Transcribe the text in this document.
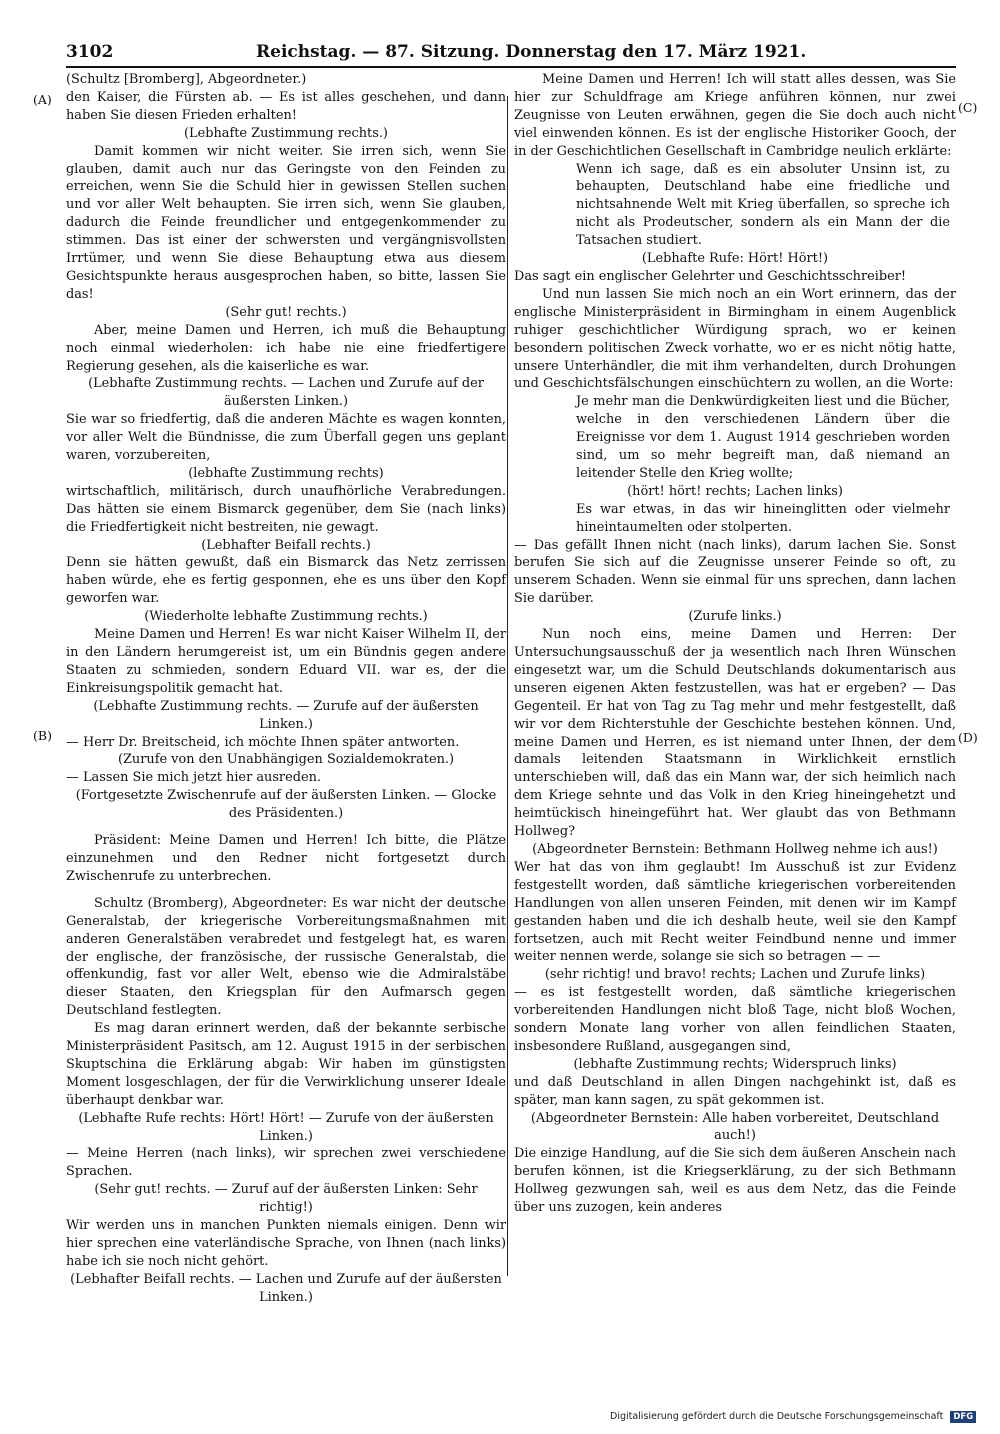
3102	Reichstag. — 87. Sitzung. Donnerstag den 17. März 1921.
(A)
(B)
(C)
(D)

(Schultz [Bromberg], Abgeordneter.)

den Kaiser, die Fürsten ab. — Es ist alles geschehen, und dann haben Sie diesen Frieden erhalten!

(Lebhafte Zustimmung rechts.)

Damit kommen wir nicht weiter. Sie irren sich, wenn Sie glauben, damit auch nur das Geringste von den Feinden zu erreichen, wenn Sie die Schuld hier in gewissen Stellen suchen und vor aller Welt behaupten. Sie irren sich, wenn Sie glauben, dadurch die Feinde freundlicher und entgegenkommender zu stimmen. Das ist einer der schwersten und vergängnisvollsten Irrtümer, und wenn Sie diese Behauptung etwa aus diesem Gesichtspunkte heraus ausgesprochen haben, so bitte, lassen Sie das!

(Sehr gut! rechts.)

Aber, meine Damen und Herren, ich muß die Behauptung noch einmal wiederholen: ich habe nie eine friedfertigere Regierung gesehen, als die kaiserliche es war.

(Lebhafte Zustimmung rechts. — Lachen und Zurufe auf der äußersten Linken.)

Sie war so friedfertig, daß die anderen Mächte es wagen konnten, vor aller Welt die Bündnisse, die zum Überfall gegen uns geplant waren, vorzubereiten,

(lebhafte Zustimmung rechts)

wirtschaftlich, militärisch, durch unaufhörliche Verabredungen. Das hätten sie einem Bismarck gegenüber, dem Sie (nach links) die Friedfertigkeit nicht bestreiten, nie gewagt.

(Lebhafter Beifall rechts.)

Denn sie hätten gewußt, daß ein Bismarck das Netz zerrissen haben würde, ehe es fertig gesponnen, ehe es uns über den Kopf geworfen war.

(Wiederholte lebhafte Zustimmung rechts.)

Meine Damen und Herren! Es war nicht Kaiser Wilhelm II, der in den Ländern herumgereist ist, um ein Bündnis gegen andere Staaten zu schmieden, sondern Eduard VII. war es, der die Einkreisungspolitik gemacht hat.

(Lebhafte Zustimmung rechts. — Zurufe auf der äußersten Linken.)

— Herr Dr. Breitscheid, ich möchte Ihnen später antworten.

(Zurufe von den Unabhängigen Sozialdemokraten.)

— Lassen Sie mich jetzt hier ausreden.

(Fortgesetzte Zwischenrufe auf der äußersten Linken. — Glocke des Präsidenten.)

Präsident: Meine Damen und Herren! Ich bitte, die Plätze einzunehmen und den Redner nicht fortgesetzt durch Zwischenrufe zu unterbrechen.

Schultz (Bromberg), Abgeordneter: Es war nicht der deutsche Generalstab, der kriegerische Vorbereitungsmaßnahmen mit anderen Generalstäben verabredet und festgelegt hat, es waren der englische, der französische, der russische Generalstab, die offenkundig, fast vor aller Welt, ebenso wie die Admiralstäbe dieser Staaten, den Kriegsplan für den Aufmarsch gegen Deutschland festlegten.

Es mag daran erinnert werden, daß der bekannte serbische Ministerpräsident Pasitsch, am 12. August 1915 in der serbischen Skuptschina die Erklärung abgab: Wir haben im günstigsten Moment losgeschlagen, der für die Verwirklichung unserer Ideale überhaupt denkbar war.

(Lebhafte Rufe rechts: Hört! Hört! — Zurufe von der äußersten Linken.)

— Meine Herren (nach links), wir sprechen zwei verschiedene Sprachen.

(Sehr gut! rechts. — Zuruf auf der äußersten Linken: Sehr richtig!)

Wir werden uns in manchen Punkten niemals einigen. Denn wir hier sprechen eine vaterländische Sprache, von Ihnen (nach links) habe ich sie noch nicht gehört.

(Lebhafter Beifall rechts. — Lachen und Zurufe auf der äußersten Linken.)

Meine Damen und Herren! Ich will statt alles dessen, was Sie hier zur Schuldfrage am Kriege anführen können, nur zwei Zeugnisse von Leuten erwähnen, gegen die Sie doch auch nicht viel einwenden können. Es ist der englische Historiker Gooch, der in der Geschichtlichen Gesellschaft in Cambridge neulich erklärte:

Wenn ich sage, daß es ein absoluter Unsinn ist, zu behaupten, Deutschland habe eine friedliche und nichtsahnende Welt mit Krieg überfallen, so spreche ich nicht als Prodeutscher, sondern als ein Mann der die Tatsachen studiert.

(Lebhafte Rufe: Hört! Hört!)

Das sagt ein englischer Gelehrter und Geschichtsschreiber!

Und nun lassen Sie mich noch an ein Wort erinnern, das der englische Ministerpräsident in Birmingham in einem Augenblick ruhiger geschichtlicher Würdigung sprach, wo er keinen besondern politischen Zweck vorhatte, wo er es nicht nötig hatte, unsere Unterhändler, die mit ihm verhandelten, durch Drohungen und Geschichtsfälschungen einschüchtern zu wollen, an die Worte:

Je mehr man die Denkwürdigkeiten liest und die Bücher, welche in den verschiedenen Ländern über die Ereignisse vor dem 1. August 1914 geschrieben worden sind, um so mehr begreift man, daß niemand an leitender Stelle den Krieg wollte;

(hört! hört! rechts; Lachen links)

Es war etwas, in das wir hineinglitten oder vielmehr hineintaumelten oder stolperten.

— Das gefällt Ihnen nicht (nach links), darum lachen Sie. Sonst berufen Sie sich auf die Zeugnisse unserer Feinde so oft, zu unserem Schaden. Wenn sie einmal für uns sprechen, dann lachen Sie darüber.

(Zurufe links.)

Nun noch eins, meine Damen und Herren: Der Untersuchungsausschuß der ja wesentlich nach Ihren Wünschen eingesetzt war, um die Schuld Deutschlands dokumentarisch aus unseren eigenen Akten festzustellen, was hat er ergeben? — Das Gegenteil. Er hat von Tag zu Tag mehr und mehr festgestellt, daß wir vor dem Richterstuhle der Geschichte bestehen können. Und, meine Damen und Herren, es ist niemand unter Ihnen, der dem damals leitenden Staatsmann in Wirklichkeit ernstlich unterschieben will, daß das ein Mann war, der sich heimlich nach dem Kriege sehnte und das Volk in den Krieg hineingehetzt und heimtückisch hineingeführt hat. Wer glaubt das von Bethmann Hollweg?

(Abgeordneter Bernstein: Bethmann Hollweg nehme ich aus!)

Wer hat das von ihm geglaubt! Im Ausschuß ist zur Evidenz festgestellt worden, daß sämtliche kriegerischen vorbereitenden Handlungen von allen unseren Feinden, mit denen wir im Kampf gestanden haben und die ich deshalb heute, weil sie den Kampf fortsetzen, auch mit Recht weiter Feindbund nenne und immer weiter nennen werde, solange sie sich so betragen — —

(sehr richtig! und bravo! rechts; Lachen und Zurufe links)

— es ist festgestellt worden, daß sämtliche kriegerischen vorbereitenden Handlungen nicht bloß Tage, nicht bloß Wochen, sondern Monate lang vorher von allen feindlichen Staaten, insbesondere Rußland, ausgegangen sind,

(lebhafte Zustimmung rechts; Widerspruch links)

und daß Deutschland in allen Dingen nachgehinkt ist, daß es später, man kann sagen, zu spät gekommen ist.

(Abgeordneter Bernstein: Alle haben vorbereitet, Deutschland auch!)

Die einzige Handlung, auf die Sie sich dem äußeren Anschein nach berufen können, ist die Kriegserklärung, zu der sich Bethmann Hollweg gezwungen sah, weil es aus dem Netz, das die Feinde über uns zuzogen, kein anderes

Digitalisierung gefördert durch die Deutsche Forschungsgemeinschaft DFG
